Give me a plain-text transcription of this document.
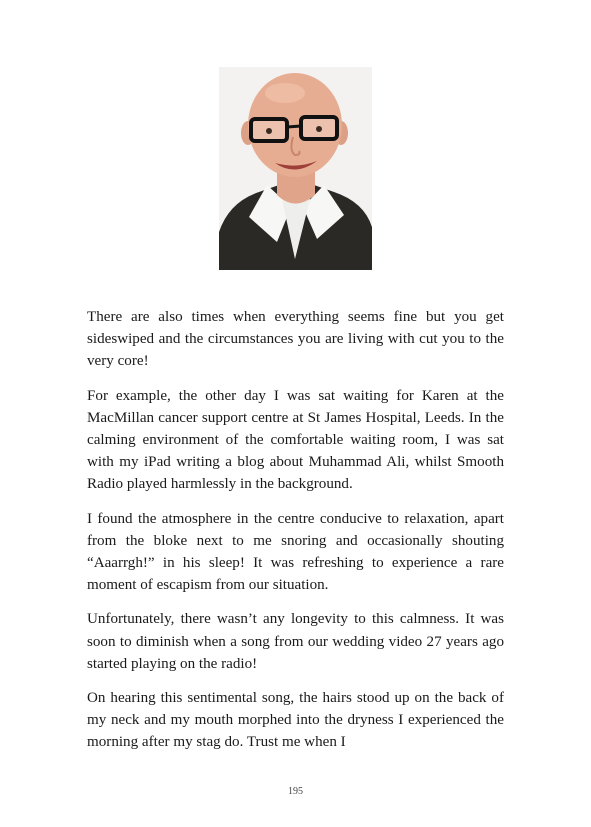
There are also times when everything seems fine but you get sideswiped and the circumstances you are living with cut you to the very core!

For example, the other day I was sat waiting for Karen at the MacMillan cancer support centre at St James Hospital, Leeds. In the calming environment of the comfortable waiting room, I was sat with my iPad writing a blog about Muhammad Ali, whilst Smooth Radio played harmlessly in the background.

I found the atmosphere in the centre conducive to relaxation, apart from the bloke next to me snoring and occasionally shouting “Aaarrgh!” in his sleep! It was refreshing to experience a rare moment of escapism from our situation.

Unfortunately, there wasn’t any longevity to this calmness. It was soon to diminish when a song from our wedding video 27 years ago started playing on the radio!

On hearing this sentimental song, the hairs stood up on the back of my neck and my mouth morphed into the dryness I experienced the morning after my stag do. Trust me when I

195
